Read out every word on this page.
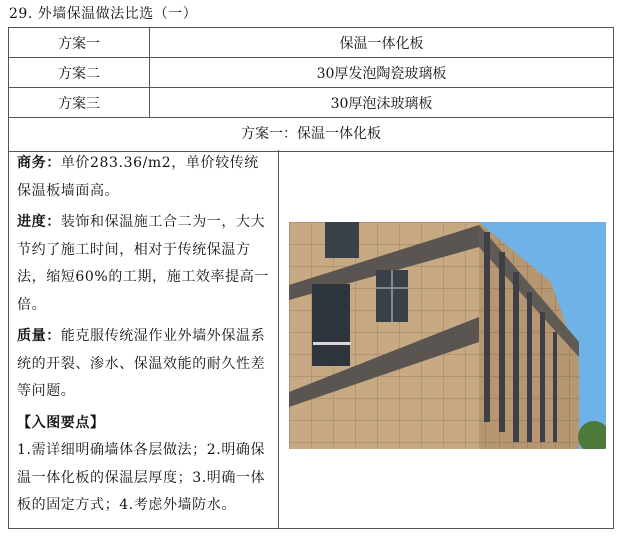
29. 外墙保温做法比选（一）
方案一	保温一体化板
方案二	30厚发泡陶瓷玻璃板
方案三	30厚泡沫玻璃板
方案一：保温一体化板

商务：单价283.36/m2，单价较传统保温板墙面高。

进度：装饰和保温施工合二为一，大大节约了施工时间，相对于传统保温方法，缩短60%的工期，施工效率提高一倍。

质量：能克服传统湿作业外墙外保温系统的开裂、渗水、保温效能的耐久性差等问题。

【入图要点】

1.需详细明确墙体各层做法；2.明确保温一体化板的保温层厚度；3.明确一体板的固定方式；4.考虑外墙防水。
